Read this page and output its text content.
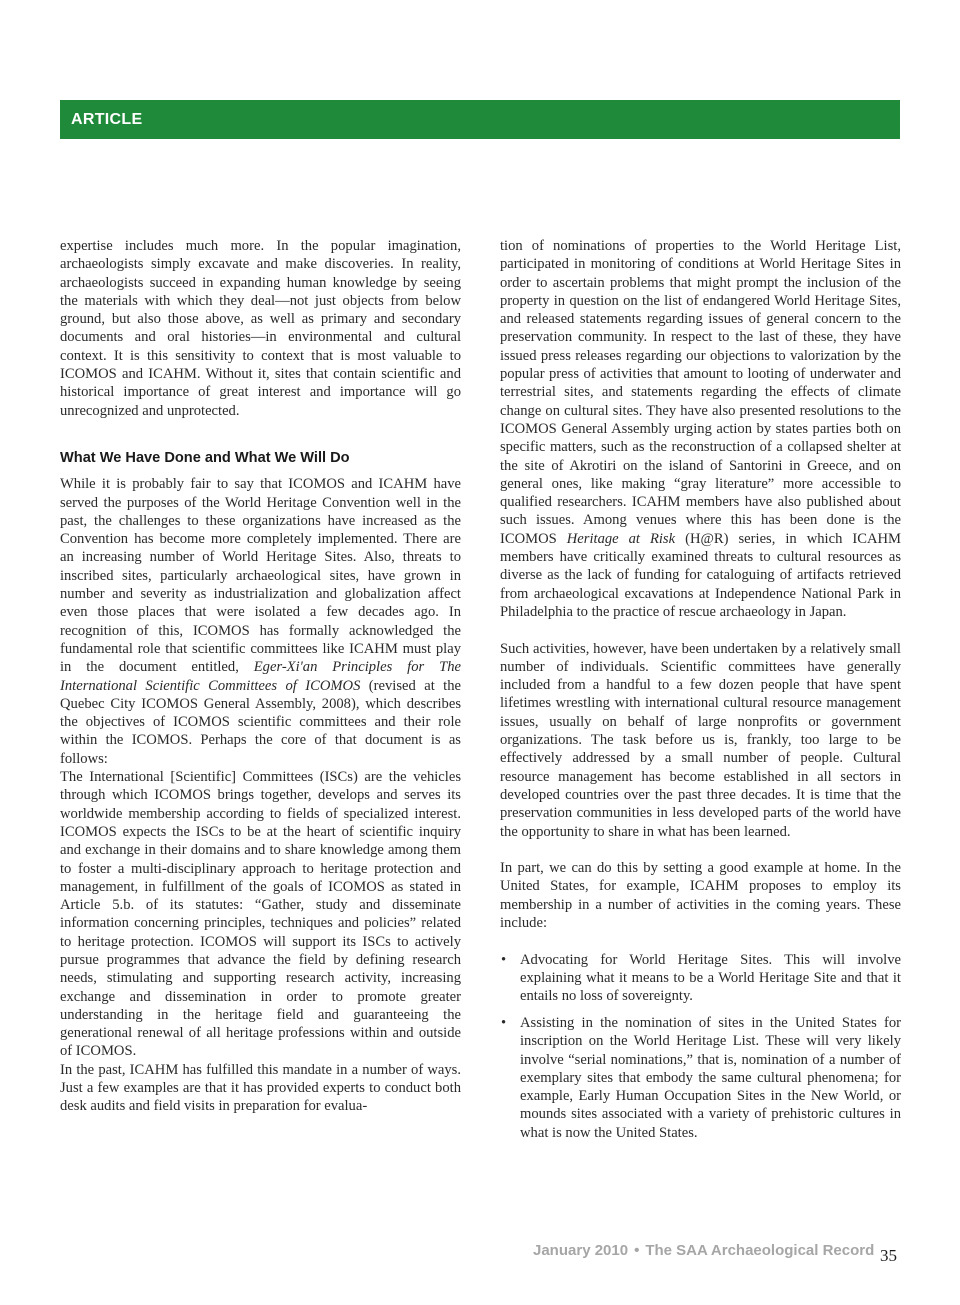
ARTICLE

expertise includes much more. In the popular imagination, archaeologists simply excavate and make discoveries. In reality, archaeologists succeed in expanding human knowledge by seeing the materials with which they deal—not just objects from below ground, but also those above, as well as primary and secondary documents and oral histories—in environmental and cultural context. It is this sensitivity to context that is most valuable to ICOMOS and ICAHM. Without it, sites that contain scientific and historical importance of great interest and importance will go unrecognized and unprotected.

What We Have Done and What We Will Do

While it is probably fair to say that ICOMOS and ICAHM have served the purposes of the World Heritage Convention well in the past, the challenges to these organizations have increased as the Convention has become more completely implemented. There are an increasing number of World Heritage Sites. Also, threats to inscribed sites, particularly archaeological sites, have grown in number and severity as industrialization and globalization affect even those places that were isolated a few decades ago. In recognition of this, ICOMOS has formally acknowledged the fundamental role that scientific committees like ICAHM must play in the document entitled, Eger-Xi'an Principles for The International Scientific Committees of ICOMOS (revised at the Quebec City ICOMOS General Assembly, 2008), which describes the objectives of ICOMOS scientific committees and their role within the ICOMOS. Perhaps the core of that document is as follows:

The International [Scientific] Committees (ISCs) are the vehicles through which ICOMOS brings together, develops and serves its worldwide membership according to fields of specialized interest. ICOMOS expects the ISCs to be at the heart of scientific inquiry and exchange in their domains and to share knowledge among them to foster a multi-disciplinary approach to heritage protection and management, in fulfillment of the goals of ICOMOS as stated in Article 5.b. of its statutes: “Gather, study and disseminate information concerning principles, techniques and policies” related to heritage protection. ICOMOS will support its ISCs to actively pursue programmes that advance the field by defining research needs, stimulating and supporting research activity, increasing exchange and dissemination in order to promote greater understanding in the heritage field and guaranteeing the generational renewal of all heritage professions within and outside of ICOMOS.

In the past, ICAHM has fulfilled this mandate in a number of ways. Just a few examples are that it has provided experts to conduct both desk audits and field visits in preparation for evalua-

tion of nominations of properties to the World Heritage List, participated in monitoring of conditions at World Heritage Sites in order to ascertain problems that might prompt the inclusion of the property in question on the list of endangered World Heritage Sites, and released statements regarding issues of general concern to the preservation community. In respect to the last of these, they have issued press releases regarding our objections to valorization by the popular press of activities that amount to looting of underwater and terrestrial sites, and statements regarding the effects of climate change on cultural sites. They have also presented resolutions to the ICOMOS General Assembly urging action by states parties both on specific matters, such as the reconstruction of a collapsed shelter at the site of Akrotiri on the island of Santorini in Greece, and on general ones, like making “gray literature” more accessible to qualified researchers. ICAHM members have also published about such issues. Among venues where this has been done is the ICOMOS Heritage at Risk (H@R) series, in which ICAHM members have critically examined threats to cultural resources as diverse as the lack of funding for cataloguing of artifacts retrieved from archaeological excavations at Independence National Park in Philadelphia to the practice of rescue archaeology in Japan.

Such activities, however, have been undertaken by a relatively small number of individuals. Scientific committees have generally included from a handful to a few dozen people that have spent lifetimes wrestling with international cultural resource management issues, usually on behalf of large nonprofits or government organizations. The task before us is, frankly, too large to be effectively addressed by a small number of people. Cultural resource management has become established in all sectors in developed countries over the past three decades. It is time that the preservation communities in less developed parts of the world have the opportunity to share in what has been learned.

In part, we can do this by setting a good example at home. In the United States, for example, ICAHM proposes to employ its membership in a number of activities in the coming years. These include:

• Advocating for World Heritage Sites. This will involve explaining what it means to be a World Heritage Site and that it entails no loss of sovereignty.
• Assisting in the nomination of sites in the United States for inscription on the World Heritage List. These will very likely involve “serial nominations,” that is, nomination of a number of exemplary sites that embody the same cultural phenomena; for example, Early Human Occupation Sites in the New World, or mounds sites associated with a variety of prehistoric cultures in what is now the United States.
January 2010 • The SAA Archaeological Record 35
